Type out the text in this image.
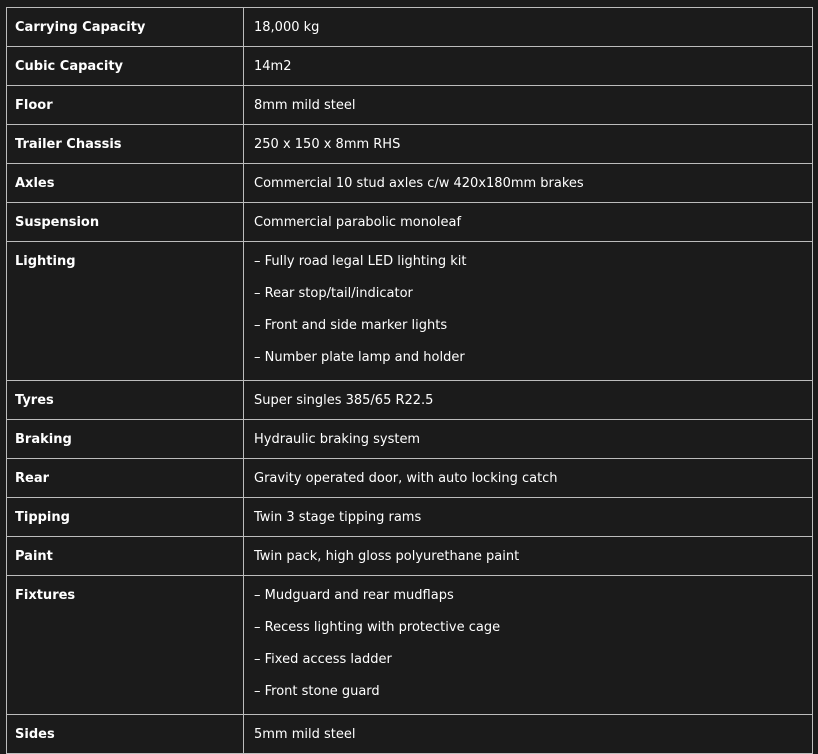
Carrying Capacity	18,000 kg
Cubic Capacity	14m2
Floor	8mm mild steel
Trailer Chassis	250 x 150 x 8mm RHS
Axles	Commercial 10 stud axles c/w 420x180mm brakes
Suspension	Commercial parabolic monoleaf
Lighting	– Fully road legal LED lighting kit
– Rear stop/tail/indicator
– Front and side marker lights
– Number plate lamp and holder

Tyres	Super singles 385/65 R22.5
Braking	Hydraulic braking system
Rear	Gravity operated door, with auto locking catch
Tipping	Twin 3 stage tipping rams
Paint	Twin pack, high gloss polyurethane paint
Fixtures	– Mudguard and rear mudflaps
– Recess lighting with protective cage
– Fixed access ladder
– Front stone guard

Sides	5mm mild steel
